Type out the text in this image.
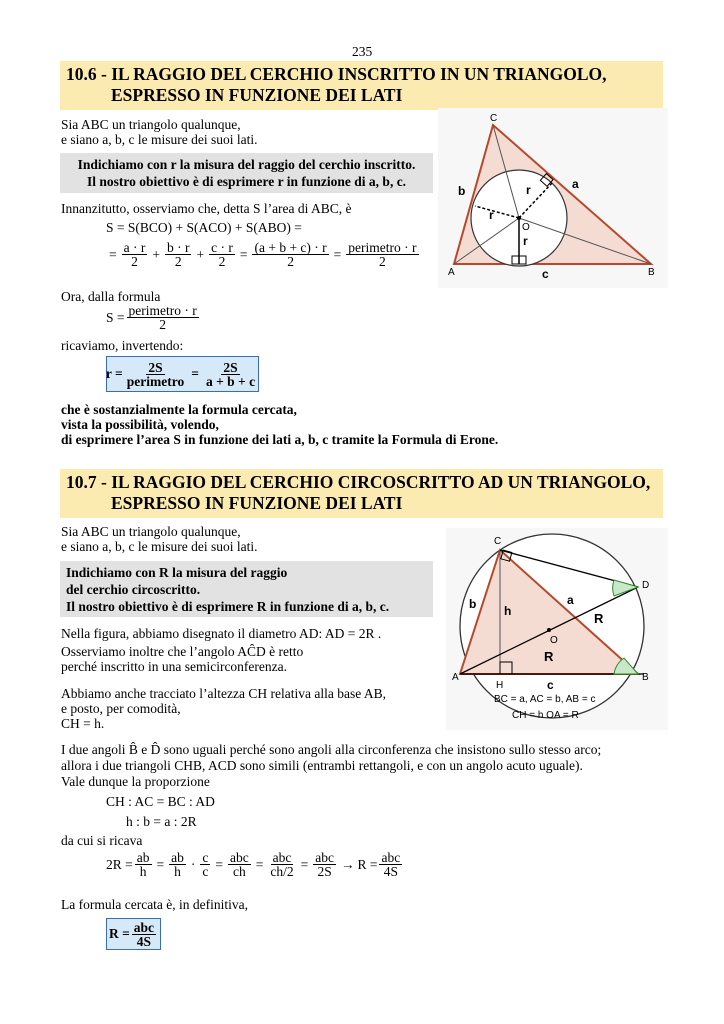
235
10.6 - IL RAGGIO DEL CERCHIO INSCRITTO IN UN TRIANGOLO,
ESPRESSO IN FUNZIONE DEI LATI
Sia ABC un triangolo qualunque,
e siano a, b, c le misure dei suoi lati.
Indichiamo con r la misura del raggio del cerchio inscritto.
Il nostro obiettivo è di esprimere r in funzione di a, b, c.
Innanzitutto, osserviamo che, detta S l’area di ABC, è
S = S(BCO) + S(ACO) + S(ABO) =
= $\frac{a \cdot r}{2} + \frac{b \cdot r}{2} + \frac{c \cdot r}{2} = \frac{(a + b + c) \cdot r}{2} = \frac{\text{perimetro · r}}{2}$
Ora, dalla formula
$S = \frac{\text{perimetro · r}}{2}$
ricaviamo, invertendo:
$r = \frac{2S}{\text{perimetro}} = \frac{2S}{a + b + c}$
che è sostanzialmente la formula cercata,
vista la possibilità, volendo,
di esprimere l’area S in funzione dei lati a, b, c tramite la Formula di Erone.
A	B
C
O
a
b
c
r
r
r
10.7 - IL RAGGIO DEL CERCHIO CIRCOSCRITTO AD UN TRIANGOLO,
ESPRESSO IN FUNZIONE DEI LATI
Sia ABC un triangolo qualunque,
e siano a, b, c le misure dei suoi lati.
Indichiamo con R la misura del raggio
del cerchio circoscritto.
Il nostro obiettivo è di esprimere R in funzione di a, b, c.
Nella figura, abbiamo disegnato il diametro AD: AD = 2R .
Osserviamo inoltre che l’angolo AĈD è retto
perché inscritto in una semicirconferenza.
Abbiamo anche tracciato l’altezza CH relativa alla base AB,
e posto, per comodità,
CH = h.
I due angoli B̂ e D̂ sono uguali perché sono angoli alla circonferenza che insistono sullo stesso arco;
allora i due triangoli CHB, ACD sono simili (entrambi rettangoli, e con un angolo acuto uguale).
Vale dunque la proporzione
CH : AC = BC : AD
h : b = a : 2R
da cui si ricava
$2R = \frac{ab}{h} = \frac{ab}{h} \cdot \frac{c}{c} = \frac{\text{abc}}{ch} = \frac{\text{abc}}{ch/2} = \frac{\text{abc}}{2S} \to R = \frac{\text{abc}}{4S}$
La formula cercata è, in definitiva,
$R = \frac{\text{abc}}{4S}$
A	B
C
D
H
O
a
b
c
h	R
R
BC = a, AC = b, AB = c
CH = h OA = R
